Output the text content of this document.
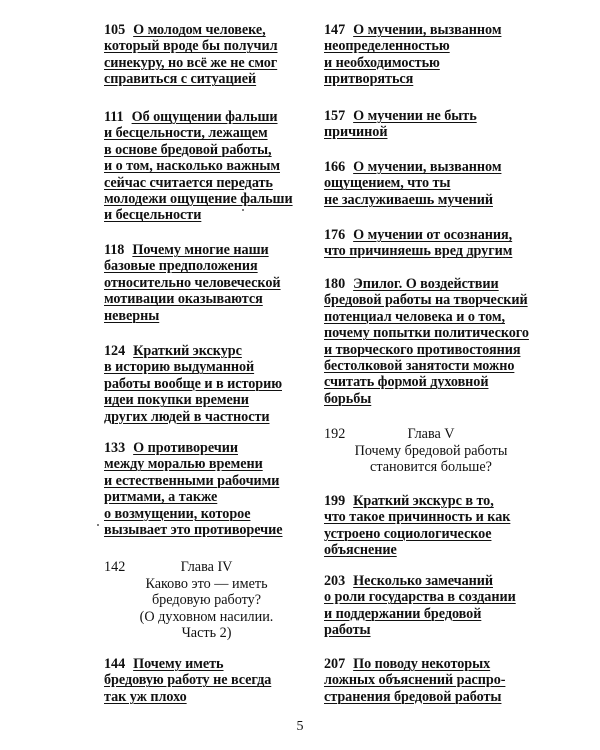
105 О молодом человеке,
который вроде бы получил
синекуру, но всё же не смог
справиться с ситуацией
111 Об ощущении фальши
и бесцельности, лежащем
в основе бредовой работы,
и о том, насколько важным
сейчас считается передать
молодежи ощущение фальши
и бесцельности
118 Почему многие наши
базовые предположения
относительно человеческой
мотивации оказываются
неверны
124 Краткий экскурс
в историю выдуманной
работы вообще и в историю
идеи покупки времени
других людей в частности
133 О противоречии
между моралью времени
и естественными рабочими
ритмами, а также
о возмущении, которое
вызывает это противоречие
142	Глава IV
Каково это — иметь
бредовую работу?
(О духовном насилии.
Часть 2)
144 Почему иметь
бредовую работу не всегда
так уж плохо
147 О мучении, вызванном
неопределенностью
и необходимостью
притворяться
157 О мучении не быть
причиной
166 О мучении, вызванном
ощущением, что ты
не заслуживаешь мучений
176 О мучении от осознания,
что причиняешь вред другим
180 Эпилог. О воздействии
бредовой работы на творческий
потенциал человека и о том,
почему попытки политического
и творческого противостояния
бестолковой занятости можно
считать формой духовной
борьбы
192	Глава V
Почему бредовой работы
становится больше?
199 Краткий экскурс в то,
что такое причинность и как
устроено социологическое
объяснение
203 Несколько замечаний
о роли государства в создании
и поддержании бредовой
работы
207 По поводу некоторых
ложных объяснений распро-
странения бредовой работы
5
